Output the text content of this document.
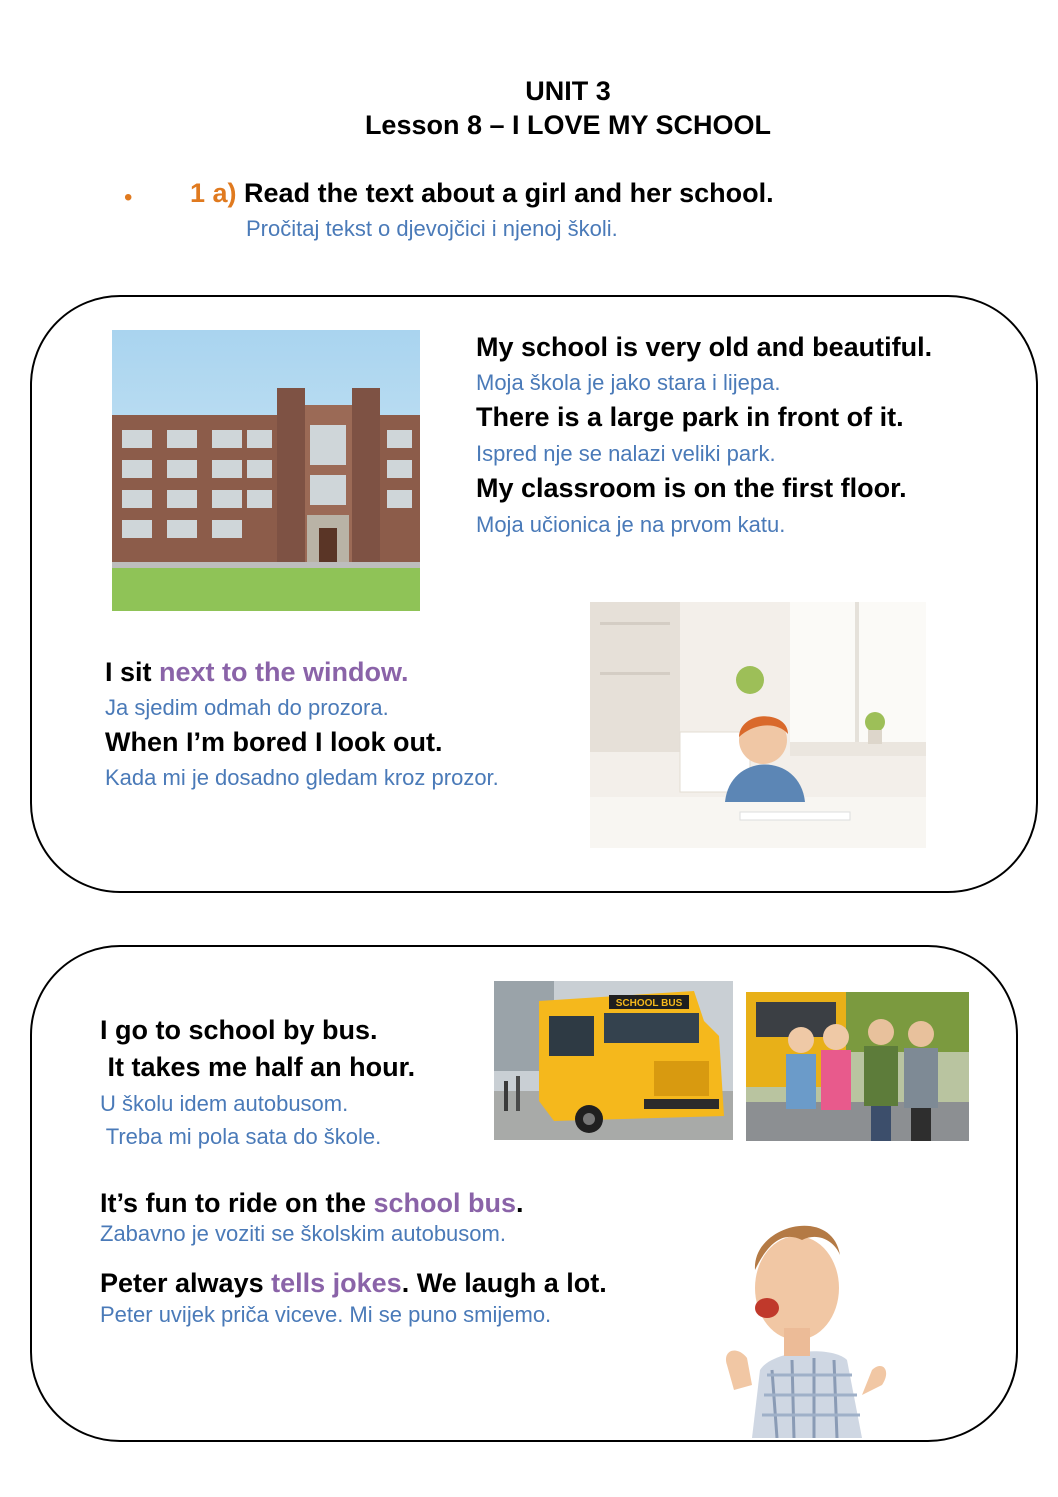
UNIT 3
Lesson 8 – I LOVE MY SCHOOL
• 1 a) Read the text about a girl and her school.
Pročitaj tekst o djevojčici i njenoj školi.
My school is very old and beautiful.
Moja škola je jako stara i lijepa.
There is a large park in front of it.
Ispred nje se nalazi veliki park.
My classroom is on the first floor.
Moja učionica je na prvom katu.
I sit next to the window.
Ja sjedim odmah do prozora.
When I’m bored I look out.
Kada mi je dosadno gledam kroz prozor.
I go to school by bus.
It takes me half an hour.
U školu idem autobusom.
Treba mi pola sata do škole.
SCHOOL BUS
It’s fun to ride on the school bus.
Zabavno je voziti se školskim autobusom.
Peter always tells jokes. We laugh a lot.
Peter uvijek priča viceve. Mi se puno smijemo.
